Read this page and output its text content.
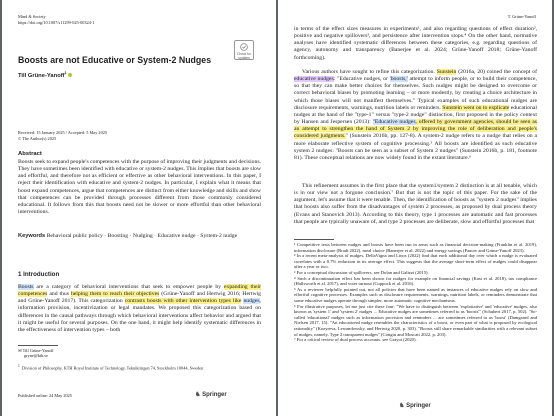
Mind & Society
https://doi.org/10.1007/s11299-025-00324-1
Check for updates
Boosts are not Educative or System-2 Nudges
Till Grüne-Yanoff$^1$
Received: 15 January 2025 / Accepted: 5 May 2025
© The Author(s) 2025
Abstract
Boosts seek to expand people's competences with the purpose of improving their judgments and decisions. They have sometimes been identified with educative or system-2 nudges. This implies that boosts are slow and effortful, and therefore not as efficient or effective as other behavioral interventions. In this paper, I reject their identification with educative and system-2 nudges. In particular, I explain what it means that boost expand competences, argue that competences are distinct from either knowledge and skills and show that competences can be provided through processes different from those commonly considered educational. It follows from this that boosts need not be slower or more effortful than other behavioral interventions.
Keywords Behavioral public policy · Boosting · Nudging · Educative nudge · System-2 nudge
1 Introduction
Boosts are a category of behavioral interventions that seek to empower people by expanding their competences and thus helping them to reach their objectives (Grüne-Yanoff and Hertwig 2016; Hertwig and Grüne-Yanoff 2017). This categorization contrasts boosts with other intervention types like nudges, information provision, incentivization or legal mandates. We proposed this categorization based on differences in the causal pathways through which behavioral interventions affect behavior and argued that it might be useful for several purposes. On the one hand, it might help identify systematic differences in the effectiveness of intervention types – both
✉ Till Grüne-Yanoff
gryne@kth.se
$^1$ Division of Philosophy, KTH Royal Institute of Technology, Teknikringen 74, Stockholm 10044, Sweden
Published online: 24 May 2025	♞ Springer
T. Grüne-Yanoff
in terms of the effect sizes measures in experiments¹, and also regarding questions of effect duration², positive and negative spillovers³, and persistence after intervention stops.⁴ On the other hand, normative analyses have identified systematic differences between these categories, e.g. regarding questions of agency, autonomy and transparency (Banerjee et al. 2024; Grüne-Yanoff 2018; Grüne-Yanoff forthcoming).
Various authors have sought to refine this categorization. Sunstein (2016a, 20) coined the concept of educative nudges: "Educative nudges, or 'boosts,' attempt to inform people, or to build their competence, so that they can make better choices for themselves. Such nudges might be designed to overcome or correct behavioral biases by promoting learning – or more modestly, by creating a choice architecture in which those biases will not manifest themselves." Typical examples of such educational nudges are disclosure requirements, warnings, nutrition labels or reminders. Sunstein went on to explicate educational nudges at the hand of the "type-1" versus "type-2 nudge" distinction, first proposed in the policy context by Hansen and Jespersen (2013): "Educative nudges, offered by government agencies, should be seen as an attempt to strengthen the hand of System 2 by improving the role of deliberation and people's considered judgments." (Sunstein 2016b, pp. 127-8). A system-2 nudge refers to a nudge that relies on a more elaborate reflective system of cognitive processing.⁵ All boosts are identified as such educative system 2 nudges: "Boosts can be seen as a subset of System 2 nudges" (Sunstein 2016b, p. 181, footnote 81). These conceptual relations are now widely found in the extant literature.⁶
This refinement assumes in the first place that the system1/system 2 distinction is at all tenable, which is in our view not a forgone conclusion.⁷ But that is not the topic of this paper. For the sake of the argument, let's assume that it were tenable. Then, the identification of boosts as "system 2 nudges" implies that boosts also suffer from the disadvantages of system 2 processes, as proposed by dual process theory (Evans and Stanovich 2013). According to this theory, type 1 processes are automatic and fast processes that people are typically unaware of, and type 2 processes are deliberate, slow and effortful processes that
¹ Competitive tests between nudges and boosts have been run in areas such as financial decision-making (Franklin et al. 2019), information disclosure (Bradt 2022), meal choice (Banerjee et al. 2022) and energy savings (Pautov and Grüne-Yanoff 2023).
² In a recent meta-analysis of nudges, DellaVigna and Linos (2022) find that each additional day over which a nudge is evaluated correlates with a 0.7% reduction in its average effect. This suggests that the average short-term effect of nudges could disappear after a year or two.
³ For a conceptual discussion of spillovers, see Dolan and Galizzi (2015).
⁴ Such a discontinuation effect has been shown for nudges for example on financial savings (Kast et al. 2018), tax compliance (Hallsworth et al. 2017), and voter turnout (Coppock et al. 2016).
⁵ As a reviewer helpfully pointed out, not all policies that have been named as instances of educative nudges rely on slow and effortful cognitive processes. Examples such as disclosure requirements, warnings, nutrition labels, or reminders demonstrate that some educative nudges operate through simpler, more automatic cognitive mechanisms.
⁶ For illustrative purposes, let me just cite these four: "We have to distinguish between 'exploitative' and 'educative' nudges, also known as 'system 1' and 'system 2' nudges ... Educative nudges are sometimes referred to as 'boosts'" (Schubert 2017, p. 502). "So-called 'educational' nudges such as information provision and reminders ... are sometimes referred to as 'boost' (Damgaard and Nielsen 2017, 15). "An educational nudge resembles the characteristics of a boost, or even part of what is proposed by ecological rationality" (Kozyreva, Lewandowsky, and Hertwig 2020, p. 303). "Boosts still share remarkable similarities with a relevant subset of nudges, namely, Type 2 transparent nudges" (Congiu and Moscati 2022, p. 203).
⁷ For a critical review of dual process accounts, see Grayot (2020).
♞ Springer
